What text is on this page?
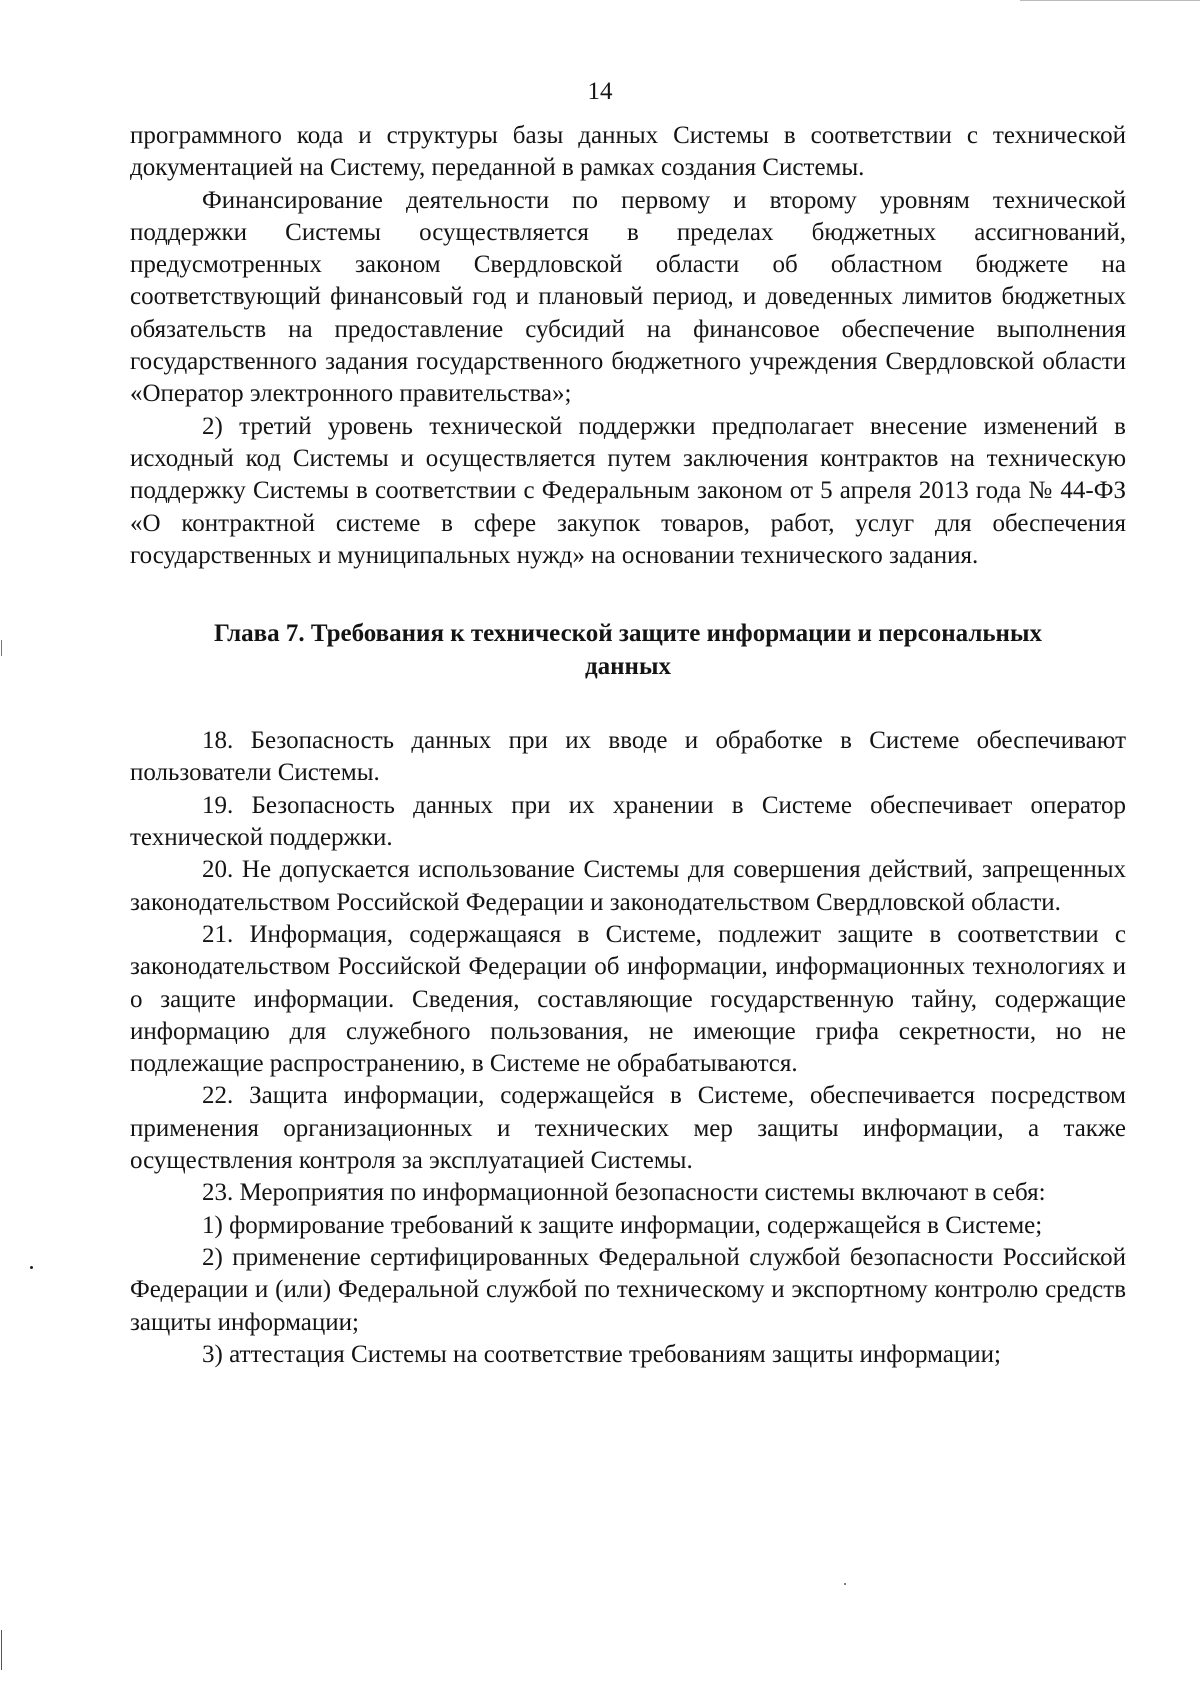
14

программного кода и структуры базы данных Системы в соответствии с технической документацией на Систему, переданной в рамках создания Системы.

Финансирование деятельности по первому и второму уровням технической поддержки Системы осуществляется в пределах бюджетных ассигнований, предусмотренных законом Свердловской области об областном бюджете на соответствующий финансовый год и плановый период, и доведенных лимитов бюджетных обязательств на предоставление субсидий на финансовое обеспечение выполнения государственного задания государственного бюджетного учреждения Свердловской области «Оператор электронного правительства»;

2) третий уровень технической поддержки предполагает внесение изменений в исходный код Системы и осуществляется путем заключения контрактов на техническую поддержку Системы в соответствии с Федеральным законом от 5 апреля 2013 года № 44-ФЗ «О контрактной системе в сфере закупок товаров, работ, услуг для обеспечения государственных и муниципальных нужд» на основании технического задания.

Глава 7. Требования к технической защите информации и персональных
данных

18. Безопасность данных при их вводе и обработке в Системе обеспечивают пользователи Системы.

19. Безопасность данных при их хранении в Системе обеспечивает оператор технической поддержки.

20. Не допускается использование Системы для совершения действий, запрещенных законодательством Российской Федерации и законодательством Свердловской области.

21. Информация, содержащаяся в Системе, подлежит защите в соответствии с законодательством Российской Федерации об информации, информационных технологиях и о защите информации. Сведения, составляющие государственную тайну, содержащие информацию для служебного пользования, не имеющие грифа секретности, но не подлежащие распространению, в Системе не обрабатываются.

22. Защита информации, содержащейся в Системе, обеспечивается посредством применения организационных и технических мер защиты информации, а также осуществления контроля за эксплуатацией Системы.

23. Мероприятия по информационной безопасности системы включают в себя:

1) формирование требований к защите информации, содержащейся в Системе;

2) применение сертифицированных Федеральной службой безопасности Российской Федерации и (или) Федеральной службой по техническому и экспортному контролю средств защиты информации;

3) аттестация Системы на соответствие требованиям защиты информации;
